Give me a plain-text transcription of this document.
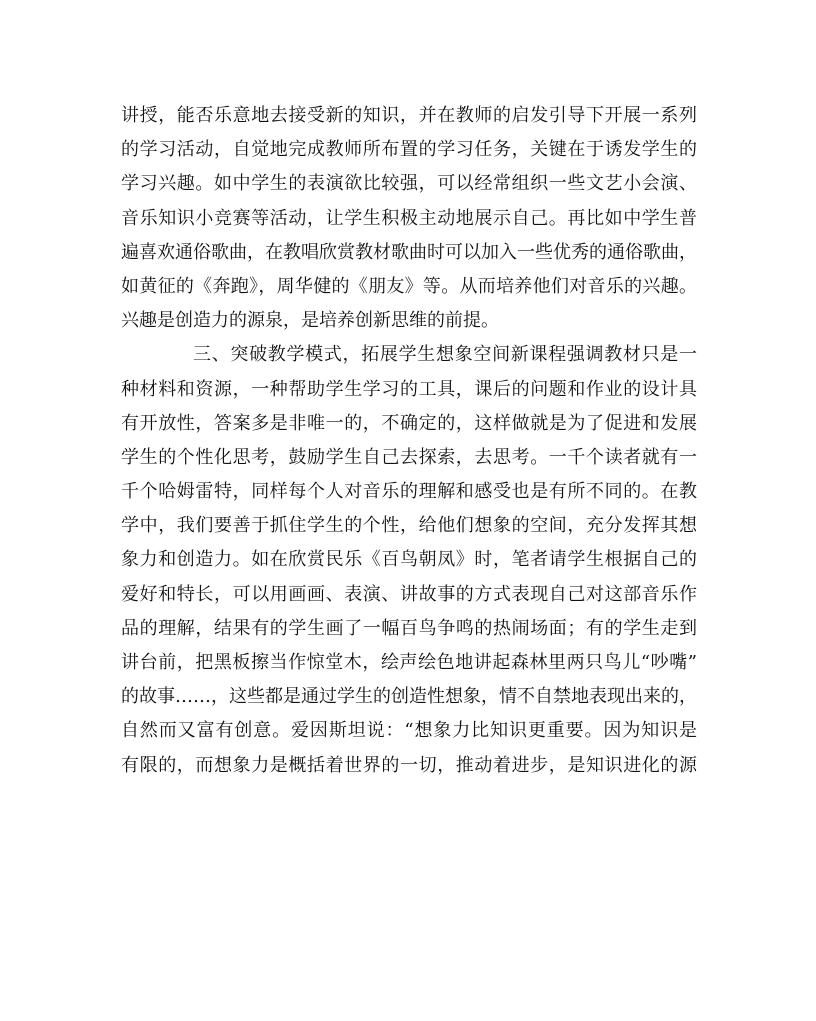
讲授，能否乐意地去接受新的知识，并在教师的启发引导下开展一系列
的学习活动，自觉地完成教师所布置的学习任务，关键在于诱发学生的
学习兴趣。如中学生的表演欲比较强，可以经常组织一些文艺小会演、
音乐知识小竞赛等活动，让学生积极主动地展示自己。再比如中学生普
遍喜欢通俗歌曲，在教唱欣赏教材歌曲时可以加入一些优秀的通俗歌曲，
如黄征的《奔跑》，周华健的《朋友》等。从而培养他们对音乐的兴趣。
兴趣是创造力的源泉，是培养创新思维的前提。
三、突破教学模式，拓展学生想象空间新课程强调教材只是一
种材料和资源，一种帮助学生学习的工具，课后的问题和作业的设计具
有开放性，答案多是非唯一的，不确定的，这样做就是为了促进和发展
学生的个性化思考，鼓励学生自己去探索，去思考。一千个读者就有一
千个哈姆雷特，同样每个人对音乐的理解和感受也是有所不同的。在教
学中，我们要善于抓住学生的个性，给他们想象的空间，充分发挥其想
象力和创造力。如在欣赏民乐《百鸟朝凤》时，笔者请学生根据自己的
爱好和特长，可以用画画、表演、讲故事的方式表现自己对这部音乐作
品的理解，结果有的学生画了一幅百鸟争鸣的热闹场面；有的学生走到
讲台前，把黑板擦当作惊堂木，绘声绘色地讲起森林里两只鸟儿“吵嘴”
的故事……，这些都是通过学生的创造性想象，情不自禁地表现出来的，
自然而又富有创意。爱因斯坦说：“想象力比知识更重要。因为知识是
有限的，而想象力是概括着世界的一切，推动着进步，是知识进化的源
